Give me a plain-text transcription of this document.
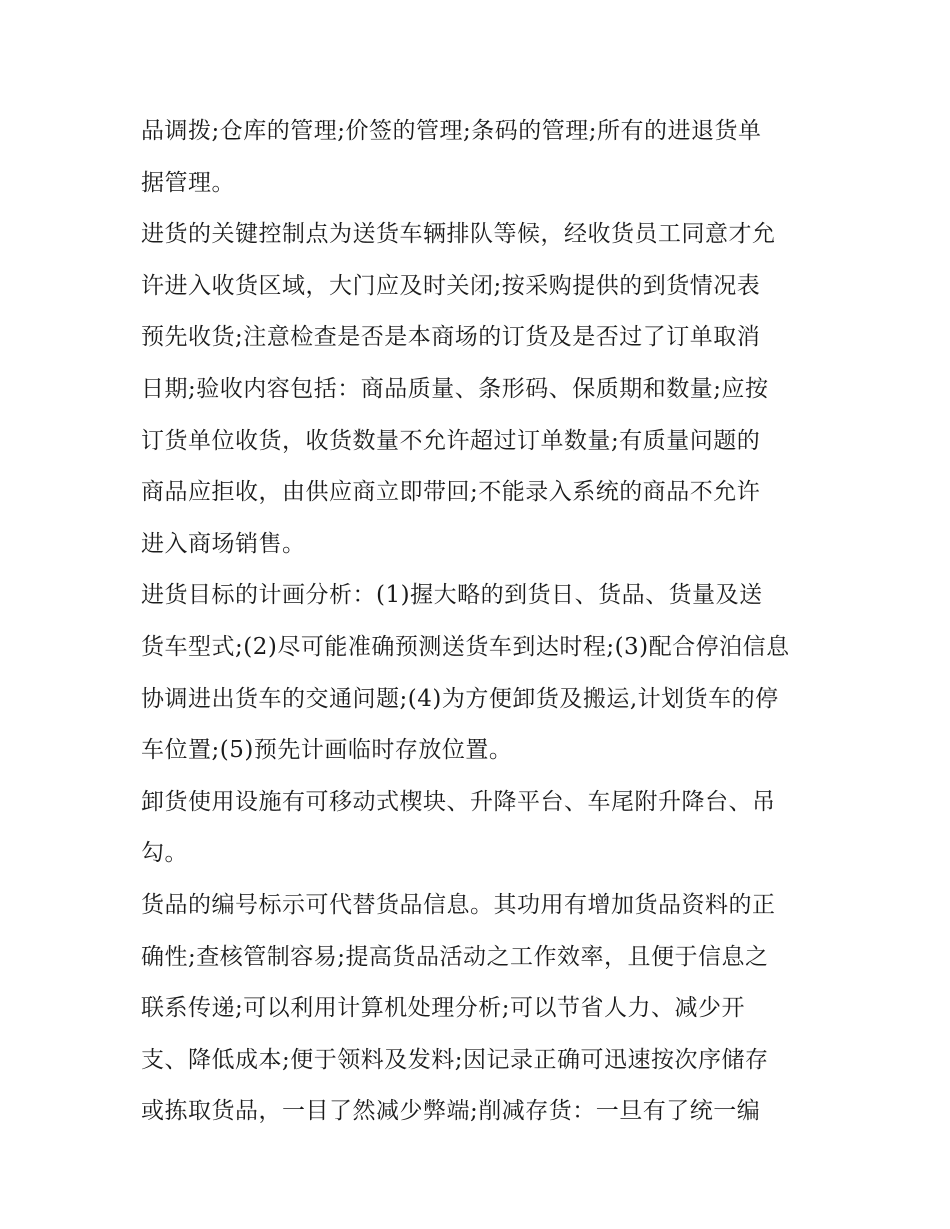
品调拨;仓库的管理;价签的管理;条码的管理;所有的进退货单
据管理。
进货的关键控制点为送货车辆排队等候，经收货员工同意才允
许进入收货区域，大门应及时关闭;按采购提供的到货情况表
预先收货;注意检查是否是本商场的订货及是否过了订单取消
日期;验收内容包括：商品质量、条形码、保质期和数量;应按
订货单位收货，收货数量不允许超过订单数量;有质量问题的
商品应拒收，由供应商立即带回;不能录入系统的商品不允许
进入商场销售。
进货目标的计画分析：(1)握大略的到货日、货品、货量及送
货车型式;(2)尽可能准确预测送货车到达时程;(3)配合停泊信息
协调进出货车的交通问题;(4)为方便卸货及搬运,计划货车的停
车位置;(5)预先计画临时存放位置。
卸货使用设施有可移动式楔块、升降平台、车尾附升降台、吊
勾。
货品的编号标示可代替货品信息。其功用有增加货品资料的正
确性;查核管制容易;提高货品活动之工作效率，且便于信息之
联系传递;可以利用计算机处理分析;可以节省人力、减少开
支、降低成本;便于领料及发料;因记录正确可迅速按次序储存
或拣取货品，一目了然减少弊端;削减存货：一旦有了统一编
